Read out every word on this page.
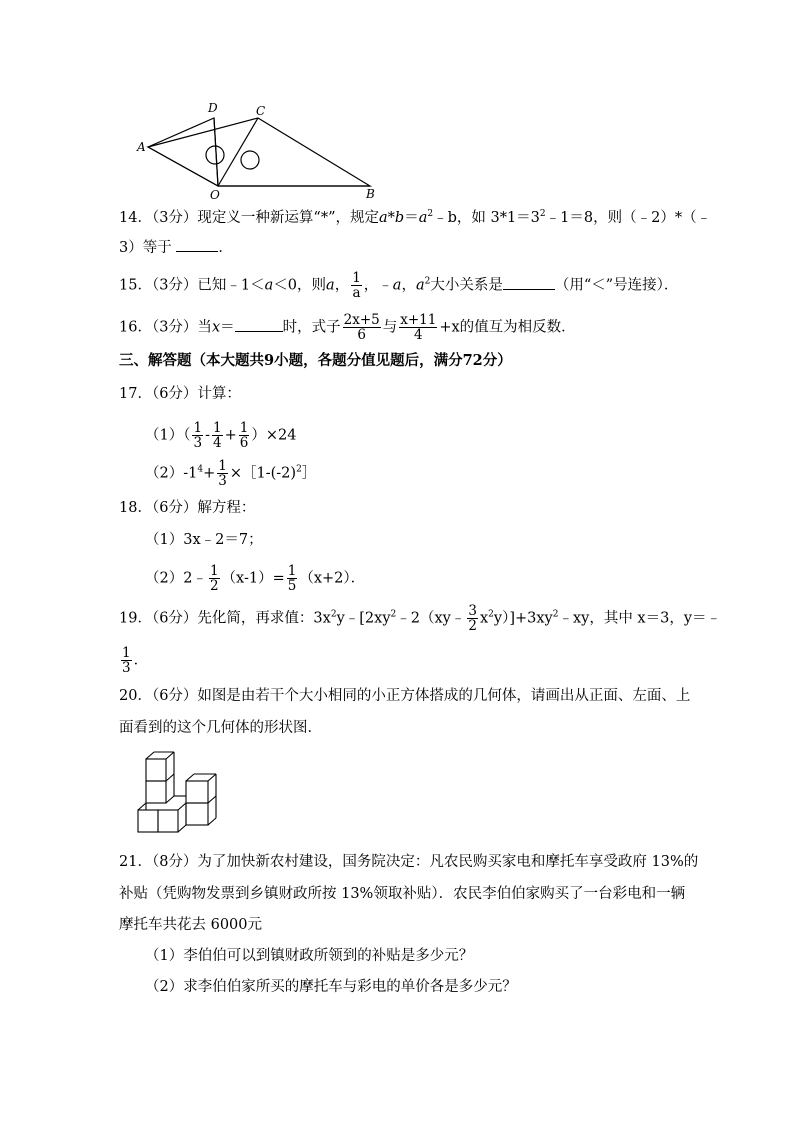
D	C
A
O	B
14．（3分）现定义一种新运算“*”，规定$a*b=a^2﹣b$，如 $3*1=3^2﹣1=8$，则（﹣2）*（﹣
3）等于	．
15．（3分）已知﹣1＜a＜0，则a， $\frac{1}{a}$ ，﹣a，$a^2$大小关系是	（用“＜”号连接）．
16．（3分）当x＝	时，式子 $\frac{2x+5}{6}$ 与 $\frac{x+11}{4} +x$的值互为相反数．
三、解答题（本大题共9小题，各题分值见题后，满分72分）
17．（6分）计算：
$(1)( \frac{1}{3} - \frac{1}{4} + \frac{1}{6} )\times 24$
$(2)-1^4+ \frac{1}{3}$ $\times[1-(-2)^2]$
18．（6分）解方程：
（1）3x﹣2＝7；
（2）2﹣ $\frac{1}{2} (x-1)= \frac{1}{5} (x+2)$．
19．（6分）先化简，再求值：$3x^2y﹣[2xy^2﹣2(xy﹣ \frac{3}{2}$ $x^2y)]+3xy^2﹣xy$，其中 x＝3，y＝﹣
$\frac{1}{3}$ ．
20．（6分）如图是由若干个大小相同的小正方体搭成的几何体，请画出从正面、左面、上
面看到的这个几何体的形状图．
21．（8分）为了加快新农村建设，国务院决定：凡农民购买家电和摩托车享受政府 13%的
补贴（凭购物发票到乡镇财政所按 13%领取补贴）．农民李伯伯家购买了一台彩电和一辆
摩托车共花去 6000元
（1）李伯伯可以到镇财政所领到的补贴是多少元？
（2）求李伯伯家所买的摩托车与彩电的单价各是多少元？
